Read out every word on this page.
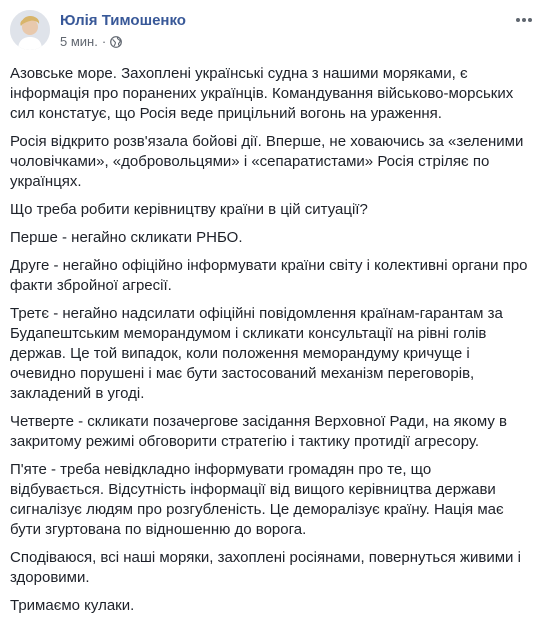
Юлія Тимошенко
5 мин. ·

Азовське море. Захоплені українські судна з нашими моряками, є інформація про поранених українців. Командування військово-морських сил констатує, що Росія веде прицільний вогонь на ураження.

Росія відкрито розв'язала бойові дії. Вперше, не ховаючись за «зеленими чоловічками», «добровольцями» і «сепаратистами» Росія стріляє по українцях.

Що треба робити керівництву країни в цій ситуації?

Перше - негайно скликати РНБО.

Друге - негайно офіційно інформувати країни світу і колективні органи про факти збройної агресії.

Третє - негайно надсилати офіційні повідомлення країнам-гарантам за Будапештським меморандумом і скликати консультації на рівні голів держав. Це той випадок, коли положення меморандуму кричуще і очевидно порушені і має бути застосований механізм переговорів, закладений в угоді.

Четверте - скликати позачергове засідання Верховної Ради, на якому в закритому режимі обговорити стратегію і тактику протидії агресору.

П'яте - треба невідкладно інформувати громадян про те, що відбувається. Відсутність інформації від вищого керівництва держави сигналізує людям про розгубленість. Це деморалізує країну. Нація має бути згуртована по відношенню до ворога.

Сподіваюся, всі наші моряки, захоплені росіянами, повернуться живими і здоровими.

Тримаємо кулаки.
